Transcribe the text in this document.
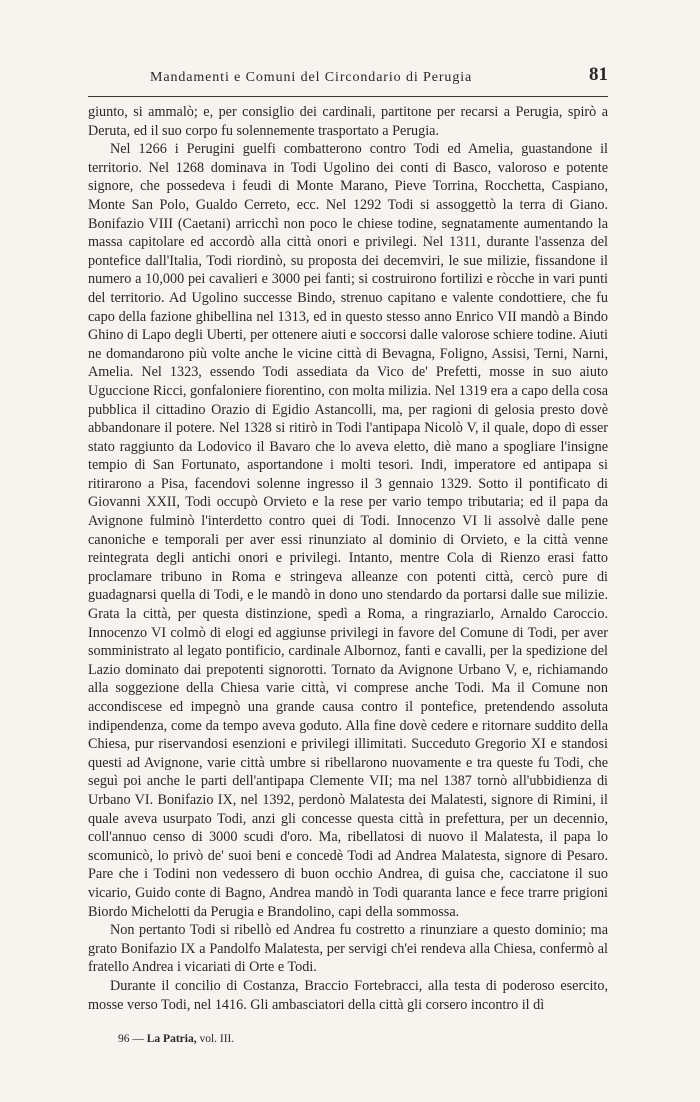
Mandamenti e Comuni del Circondario di Perugia	81

giunto, si ammalò; e, per consiglio dei cardinali, partitone per recarsi a Perugia, spirò a Deruta, ed il suo corpo fu solennemente trasportato a Perugia.

Nel 1266 i Perugini guelfi combatterono contro Todi ed Amelia, guastandone il territorio. Nel 1268 dominava in Todi Ugolino dei conti di Basco, valoroso e potente signore, che possedeva i feudi di Monte Marano, Pieve Torrina, Rocchetta, Caspiano, Monte San Polo, Gualdo Cerreto, ecc. Nel 1292 Todi si assoggettò la terra di Giano. Bonifazio VIII (Caetani) arricchì non poco le chiese todine, segnatamente aumentando la massa capitolare ed accordò alla città onori e privilegi. Nel 1311, durante l'assenza del pontefice dall'Italia, Todi riordinò, su proposta dei decemviri, le sue milizie, fissandone il numero a 10,000 pei cavalieri e 3000 pei fanti; si costruirono fortilizi e ròcche in vari punti del territorio. Ad Ugolino successe Bindo, strenuo capitano e valente condottiere, che fu capo della fazione ghibellina nel 1313, ed in questo stesso anno Enrico VII mandò a Bindo Ghino di Lapo degli Uberti, per ottenere aiuti e soccorsi dalle valorose schiere todine. Aiuti ne domandarono più volte anche le vicine città di Bevagna, Foligno, Assisi, Terni, Narni, Amelia. Nel 1323, essendo Todi assediata da Vico de' Prefetti, mosse in suo aiuto Uguccione Ricci, gonfaloniere fiorentino, con molta milizia. Nel 1319 era a capo della cosa pubblica il cittadino Orazio di Egidio Astancolli, ma, per ragioni di gelosia presto dovè abbandonare il potere. Nel 1328 si ritirò in Todi l'antipapa Nicolò V, il quale, dopo di esser stato raggiunto da Lodovico il Bavaro che lo aveva eletto, diè mano a spogliare l'insigne tempio di San Fortunato, asportandone i molti tesori. Indi, imperatore ed antipapa si ritirarono a Pisa, facendovi solenne ingresso il 3 gennaio 1329. Sotto il pontificato di Giovanni XXII, Todi occupò Orvieto e la rese per vario tempo tributaria; ed il papa da Avignone fulminò l'interdetto contro quei di Todi. Innocenzo VI li assolvè dalle pene canoniche e temporali per aver essi rinunziato al dominio di Orvieto, e la città venne reintegrata degli antichi onori e privilegi. Intanto, mentre Cola di Rienzo erasi fatto proclamare tribuno in Roma e stringeva alleanze con potenti città, cercò pure di guadagnarsi quella di Todi, e le mandò in dono uno stendardo da portarsi dalle sue milizie. Grata la città, per questa distinzione, spedì a Roma, a ringraziarlo, Arnaldo Caroccio. Innocenzo VI colmò di elogi ed aggiunse privilegi in favore del Comune di Todi, per aver somministrato al legato pontificio, cardinale Albornoz, fanti e cavalli, per la spedizione del Lazio dominato dai prepotenti signorotti. Tornato da Avignone Urbano V, e, richiamando alla soggezione della Chiesa varie città, vi comprese anche Todi. Ma il Comune non accondiscese ed impegnò una grande causa contro il pontefice, pretendendo assoluta indipendenza, come da tempo aveva goduto. Alla fine dovè cedere e ritornare suddito della Chiesa, pur riservandosi esenzioni e privilegi illimitati. Succeduto Gregorio XI e standosi questi ad Avignone, varie città umbre si ribellarono nuovamente e tra queste fu Todi, che seguì poi anche le parti dell'antipapa Clemente VII; ma nel 1387 tornò all'ubbidienza di Urbano VI. Bonifazio IX, nel 1392, perdonò Malatesta dei Malatesti, signore di Rimini, il quale aveva usurpato Todi, anzi gli concesse questa città in prefettura, per un decennio, coll'annuo censo di 3000 scudi d'oro. Ma, ribellatosi di nuovo il Malatesta, il papa lo scomunicò, lo privò de' suoi beni e concedè Todi ad Andrea Malatesta, signore di Pesaro. Pare che i Todini non vedessero di buon occhio Andrea, di guisa che, cacciatone il suo vicario, Guido conte di Bagno, Andrea mandò in Todi quaranta lance e fece trarre prigioni Biordo Michelotti da Perugia e Brandolino, capi della sommossa.

Non pertanto Todi si ribellò ed Andrea fu costretto a rinunziare a questo dominio; ma grato Bonifazio IX a Pandolfo Malatesta, per servigi ch'ei rendeva alla Chiesa, confermò al fratello Andrea i vicariati di Orte e Todi.

Durante il concilio di Costanza, Braccio Fortebracci, alla testa di poderoso esercito, mosse verso Todi, nel 1416. Gli ambasciatori della città gli corsero incontro il dì

96 — La Patria, vol. III.
